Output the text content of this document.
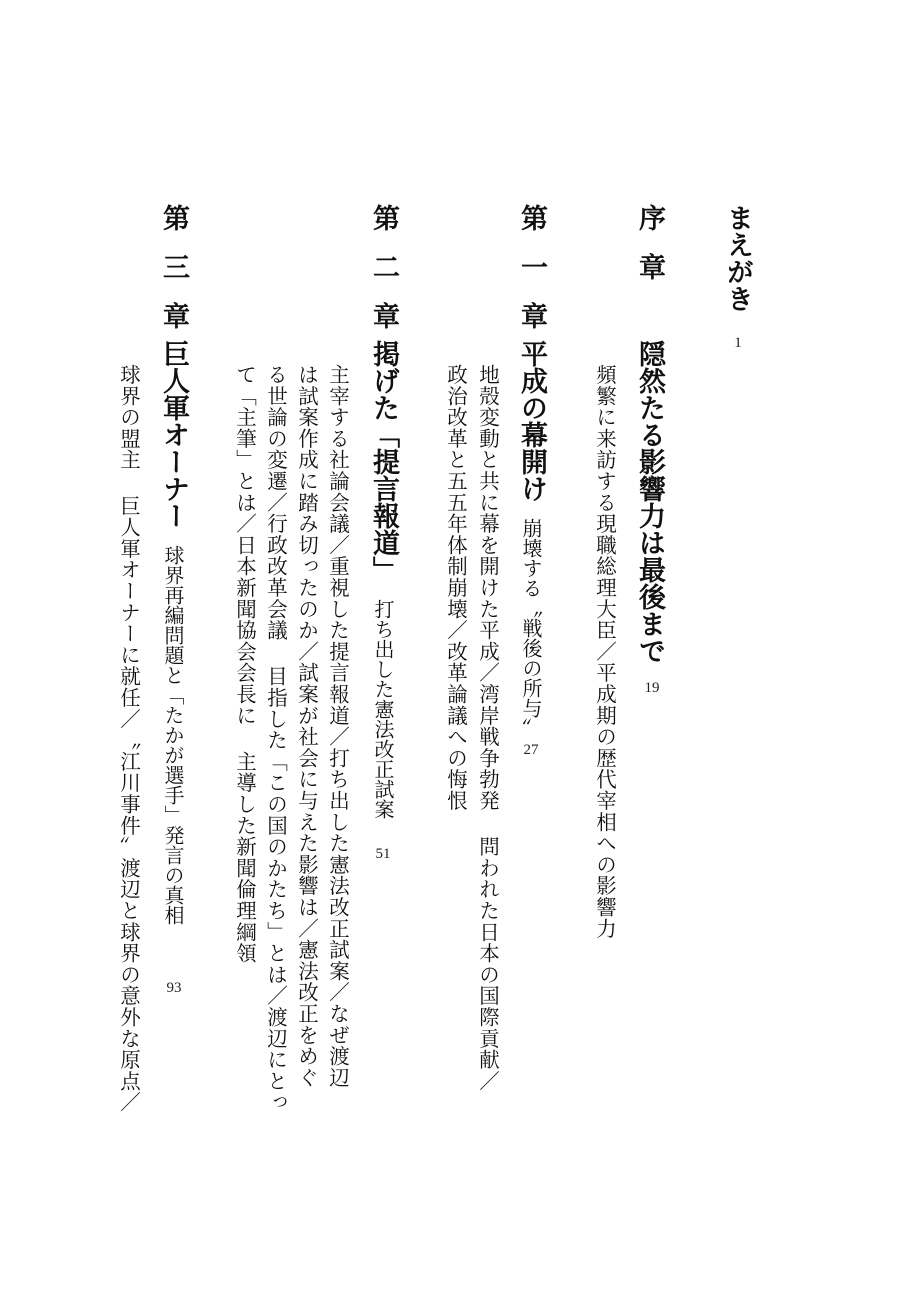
まえがき
1
序章
隠然たる影響力は最後まで
19
頻繁に来訪する現職総理大臣／平成期の歴代宰相への影響力
第一章
平成の幕開け崩壊する〝戦後の所与〟
27
地殻変動と共に幕を開けた平成／湾岸戦争勃発 問われた日本の国際貢献／
政治改革と五五年体制崩壊／改革論議への悔恨
第二章
掲げた「提言報道」打ち出した憲法改正試案
51
主宰する社論会議／重視した提言報道／打ち出した憲法改正試案／なぜ渡辺
は試案作成に踏み切ったのか／試案が社会に与えた影響は／憲法改正をめぐ
る世論の変遷／行政改革会議 目指した「この国のかたち」とは／渡辺にとっ
て「主筆」とは／日本新聞協会会長に 主導した新聞倫理綱領
第三章
巨人軍オーナー球界再編問題と「たかが選手」発言の真相
93
球界の盟主 巨人軍オーナーに就任／〝江川事件〟渡辺と球界の意外な原点／
